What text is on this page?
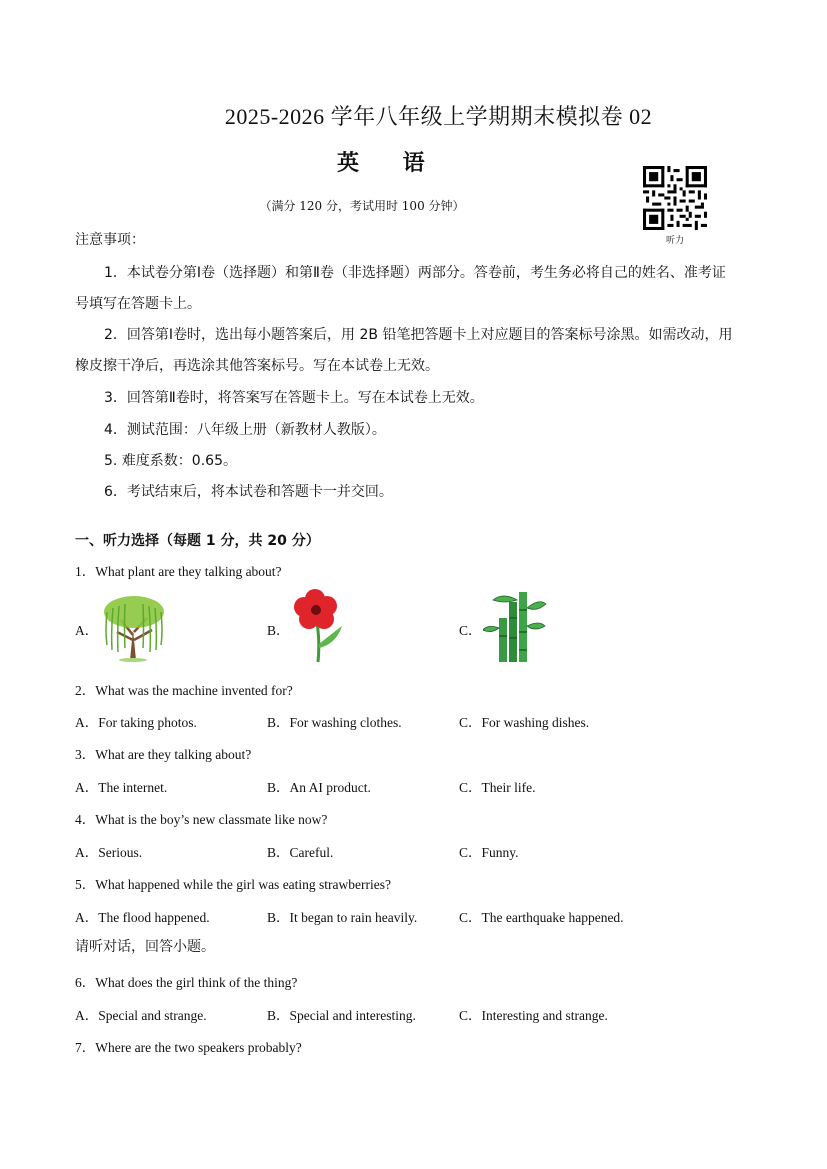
2025-2026 学年八年级上学期期末模拟卷 02
英 语
（满分 120 分，考试用时 100 分钟）
听力
注意事项：
1．本试卷分第Ⅰ卷（选择题）和第Ⅱ卷（非选择题）两部分。答卷前，考生务必将自己的姓名、准考证
号填写在答题卡上。
2．回答第Ⅰ卷时，选出每小题答案后，用 2B 铅笔把答题卡上对应题目的答案标号涂黑。如需改动，用
橡皮擦干净后，再选涂其他答案标号。写在本试卷上无效。
3．回答第Ⅱ卷时，将答案写在答题卡上。写在本试卷上无效。
4．测试范围：八年级上册（新教材人教版）。
5. 难度系数：0.65。
6．考试结束后，将本试卷和答题卡一并交回。
一、听力选择（每题 1 分，共 20 分）
1．What plant are they talking about?
A．	B．	C．
2．What was the machine invented for?
A．For taking photos.	B．For washing clothes.	C．For washing dishes.
3．What are they talking about?
A．The internet.	B．An AI product.	C．Their life.
4．What is the boy’s new classmate like now?
A．Serious.	B．Careful.	C．Funny.
5．What happened while the girl was eating strawberries?
A．The flood happened.	B．It began to rain heavily.	C．The earthquake happened.
请听对话，回答小题。
6．What does the girl think of the thing?
A．Special and strange.	B．Special and interesting.	C．Interesting and strange.
7．Where are the two speakers probably?
